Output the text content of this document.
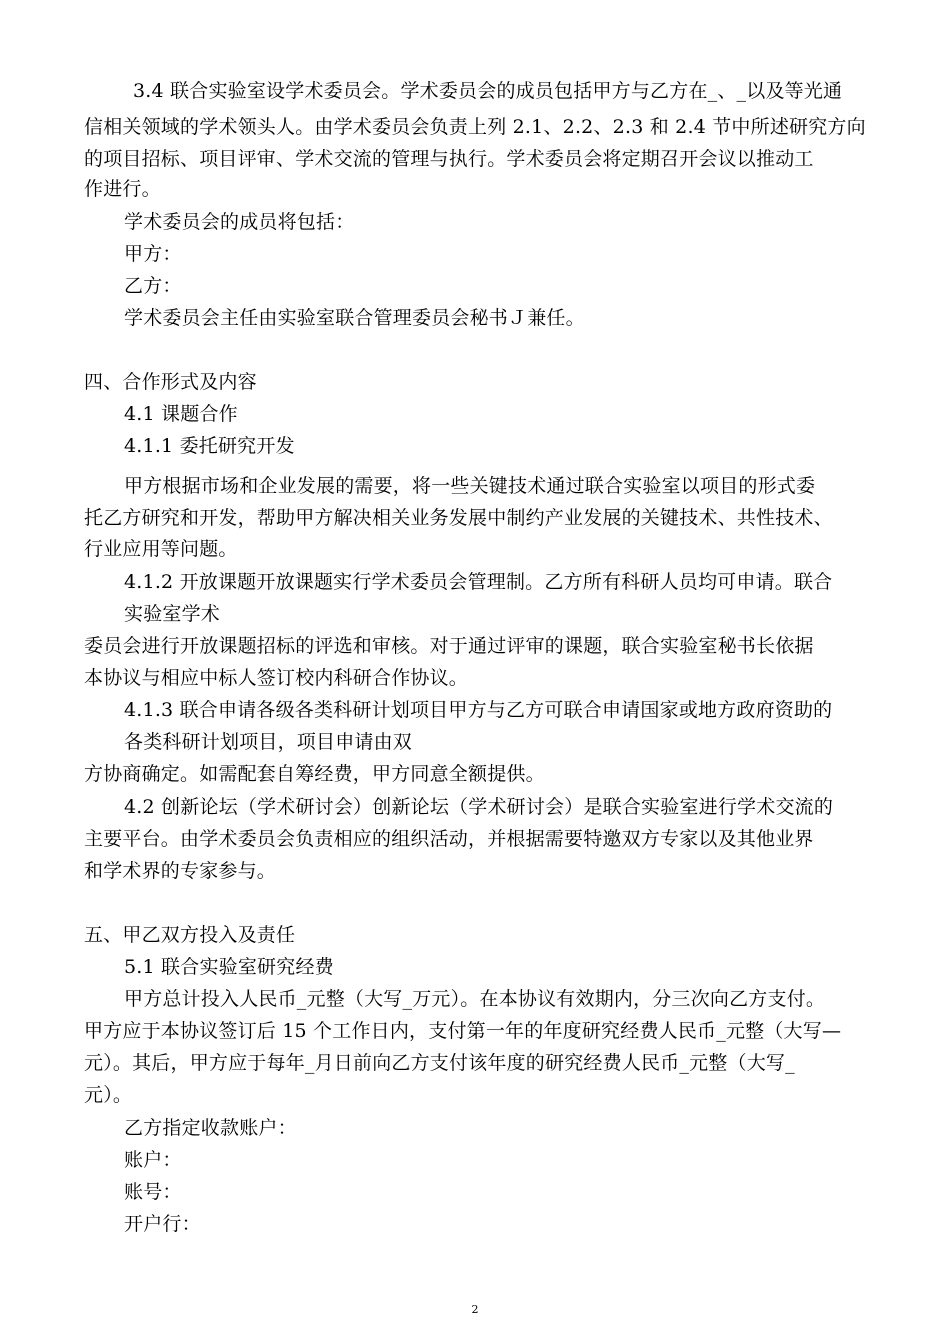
3.4 联合实验室设学术委员会。学术委员会的成员包括甲方与乙方在_、_以及等光通
信相关领域的学术领头人。由学术委员会负责上列 2.1、2.2、2.3 和 2.4 节中所述研究方向
的项目招标、项目评审、学术交流的管理与执行。学术委员会将定期召开会议以推动工
作进行。
学术委员会的成员将包括：
甲方：
乙方：
学术委员会主任由实验室联合管理委员会秘书Ｊ兼任。
四、合作形式及内容
4.1 课题合作
4.1.1 委托研究开发
甲方根据市场和企业发展的需要，将一些关键技术通过联合实验室以项目的形式委
托乙方研究和开发，帮助甲方解决相关业务发展中制约产业发展的关键技术、共性技术、
行业应用等问题。
4.1.2 开放课题开放课题实行学术委员会管理制。乙方所有科研人员均可申请。联合
实验室学术
委员会进行开放课题招标的评选和审核。对于通过评审的课题，联合实验室秘书长依据
本协议与相应中标人签订校内科研合作协议。
4.1.3 联合申请各级各类科研计划项目甲方与乙方可联合申请国家或地方政府资助的
各类科研计划项目，项目申请由双
方协商确定。如需配套自筹经费，甲方同意全额提供。
4.2 创新论坛（学术研讨会）创新论坛（学术研讨会）是联合实验室进行学术交流的
主要平台。由学术委员会负责相应的组织活动，并根据需要特邀双方专家以及其他业界
和学术界的专家参与。
五、甲乙双方投入及责任
5.1 联合实验室研究经费
甲方总计投入人民币_元整（大写_万元）。在本协议有效期内，分三次向乙方支付。
甲方应于本协议签订后 15 个工作日内，支付第一年的年度研究经费人民币_元整（大写—
元）。其后，甲方应于每年_月日前向乙方支付该年度的研究经费人民币_元整（大写_
元）。
乙方指定收款账户：
账户：
账号：
开户行：
2
